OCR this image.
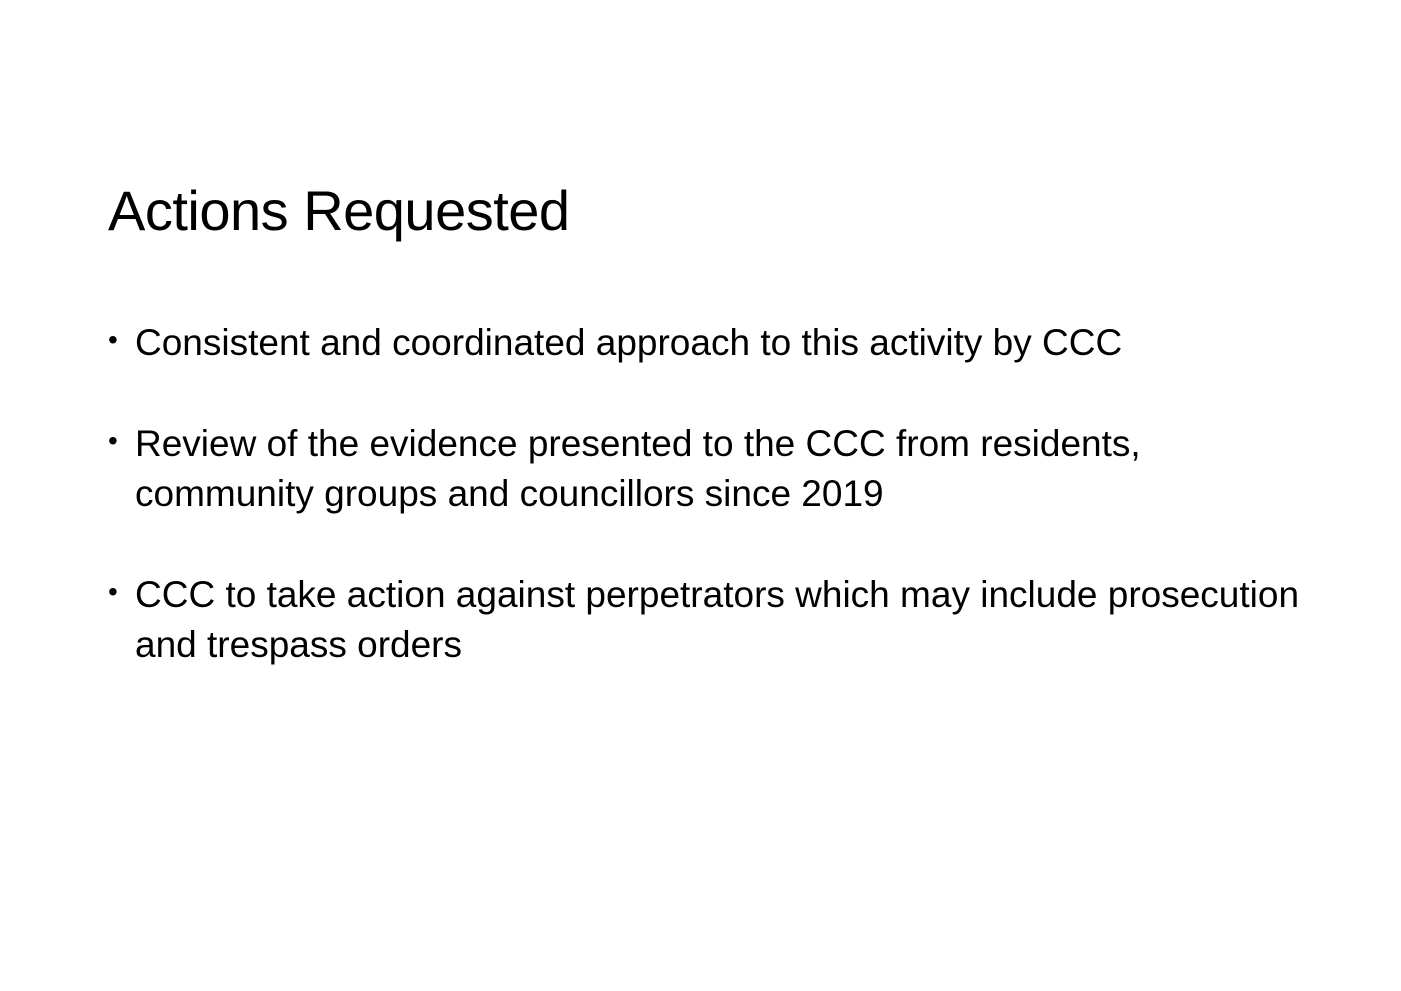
Actions Requested
• Consistent and coordinated approach to this activity by CCC
• Review of the evidence presented to the CCC from residents, community groups and councillors since 2019
• CCC to take action against perpetrators which may include prosecution and trespass orders
